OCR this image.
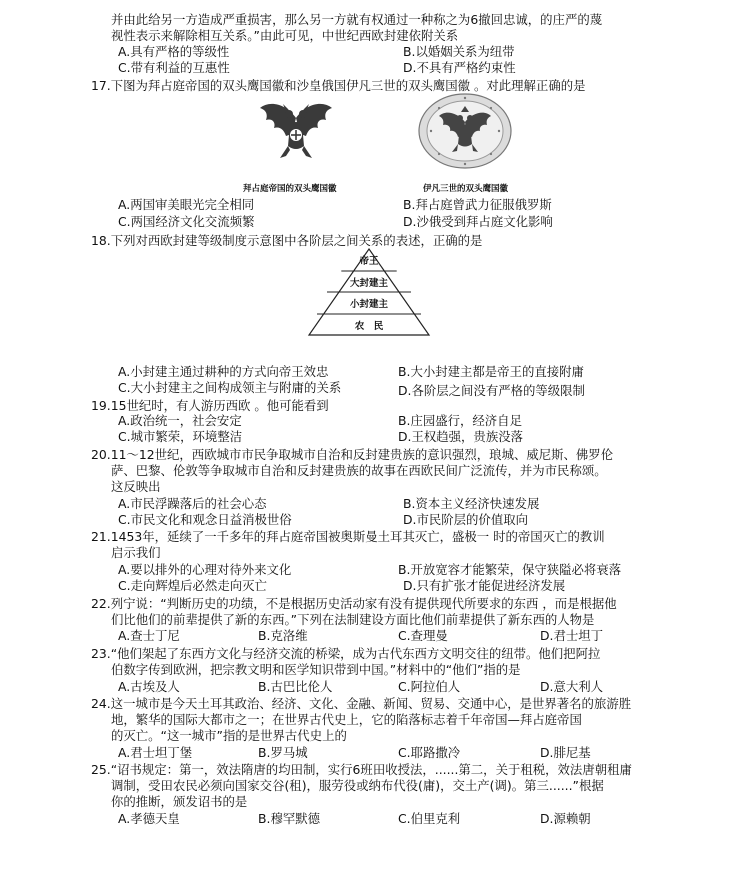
并由此给另一方造成严重损害，那么另一方就有权通过一种称之为6撤回忠诚，的庄严的蔑
视性表示来解除相互关系。”由此可见，中世纪西欧封建依附关系
A.具有严格的等级性	B.以婚姻关系为纽带
C.带有利益的互惠性	D.不具有严格约束性
17.下图为拜占庭帝国的双头鹰国徽和沙皇俄国伊凡三世的双头鹰国徽 。对此理解正确的是
拜占庭帝国的双头鹰国徽	伊凡三世的双头鹰国徽
A.两国审美眼光完全相同	B.拜占庭曾武力征服俄罗斯
C.两国经济文化交流频繁	D.沙俄受到拜占庭文化影响
18.下列对西欧封建等级制度示意图中各阶层之间关系的表述，正确的是
帝王
大封建主
小封建主
农　民
A.小封建主通过耕种的方式向帝王效忠	B.大小封建主都是帝王的直接附庸
C.大小封建主之间构成领主与附庸的关系	D.各阶层之间没有严格的等级限制
19.15世纪时，有人游历西欧 。他可能看到
A.政治统一，社会安定	B.庄园盛行，经济自足
C.城市繁荣，环境整洁	D.王权趋强，贵族没落
20.11～12世纪，西欧城市市民争取城市自治和反封建贵族的意识强烈，琅城、威尼斯、佛罗伦
萨、巴黎、伦敦等争取城市自治和反封建贵族的故事在西欧民间广泛流传，并为市民称颂。
这反映出
A.市民浮躁落后的社会心态	B.资本主义经济快速发展
C.市民文化和观念日益消极世俗	D.市民阶层的价值取向
21.1453年，延续了一千多年的拜占庭帝国被奥斯曼土耳其灭亡，盛极一 时的帝国灭亡的教训
启示我们
A.要以排外的心理对待外来文化	B.开放宽容才能繁荣，保守狭隘必将衰落
C.走向辉煌后必然走向灭亡	D.只有扩张才能促进经济发展
22.列宁说：“判断历史的功绩，不是根据历史活动家有没有提供现代所要求的东西 ，而是根据他
们比他们的前辈提供了新的东西。”下列在法制建设方面比他们前辈提供了新东西的人物是
A.查士丁尼	B.克洛维	C.查理曼	D.君士坦丁
23.“他们架起了东西方文化与经济交流的桥梁，成为古代东西方文明交往的纽带。他们把阿拉
伯数字传到欧洲，把宗教文明和医学知识带到中国。”材料中的“他们”指的是
A.古埃及人	B.古巴比伦人	C.阿拉伯人	D.意大利人
24.这一城市是今天土耳其政治、经济、文化、金融、新闻、贸易、交通中心，是世界著名的旅游胜
地，繁华的国际大都市之一；在世界古代史上，它的陷落标志着千年帝国—拜占庭帝国
的灭亡。“这一城市”指的是世界古代史上的
A.君士坦丁堡	B.罗马城	C.耶路撒冷	D.腓尼基
25.“诏书规定：第一，效法隋唐的均田制，实行6班田收授法，......第二，关于租税，效法唐朝租庸
调制，受田农民必须向国家交谷(租)，服劳役或纳布代役(庸)，交土产(调)。第三......”根据
你的推断，颁发诏书的是
A.孝德天皇	B.穆罕默德	C.伯里克利	D.源赖朝
